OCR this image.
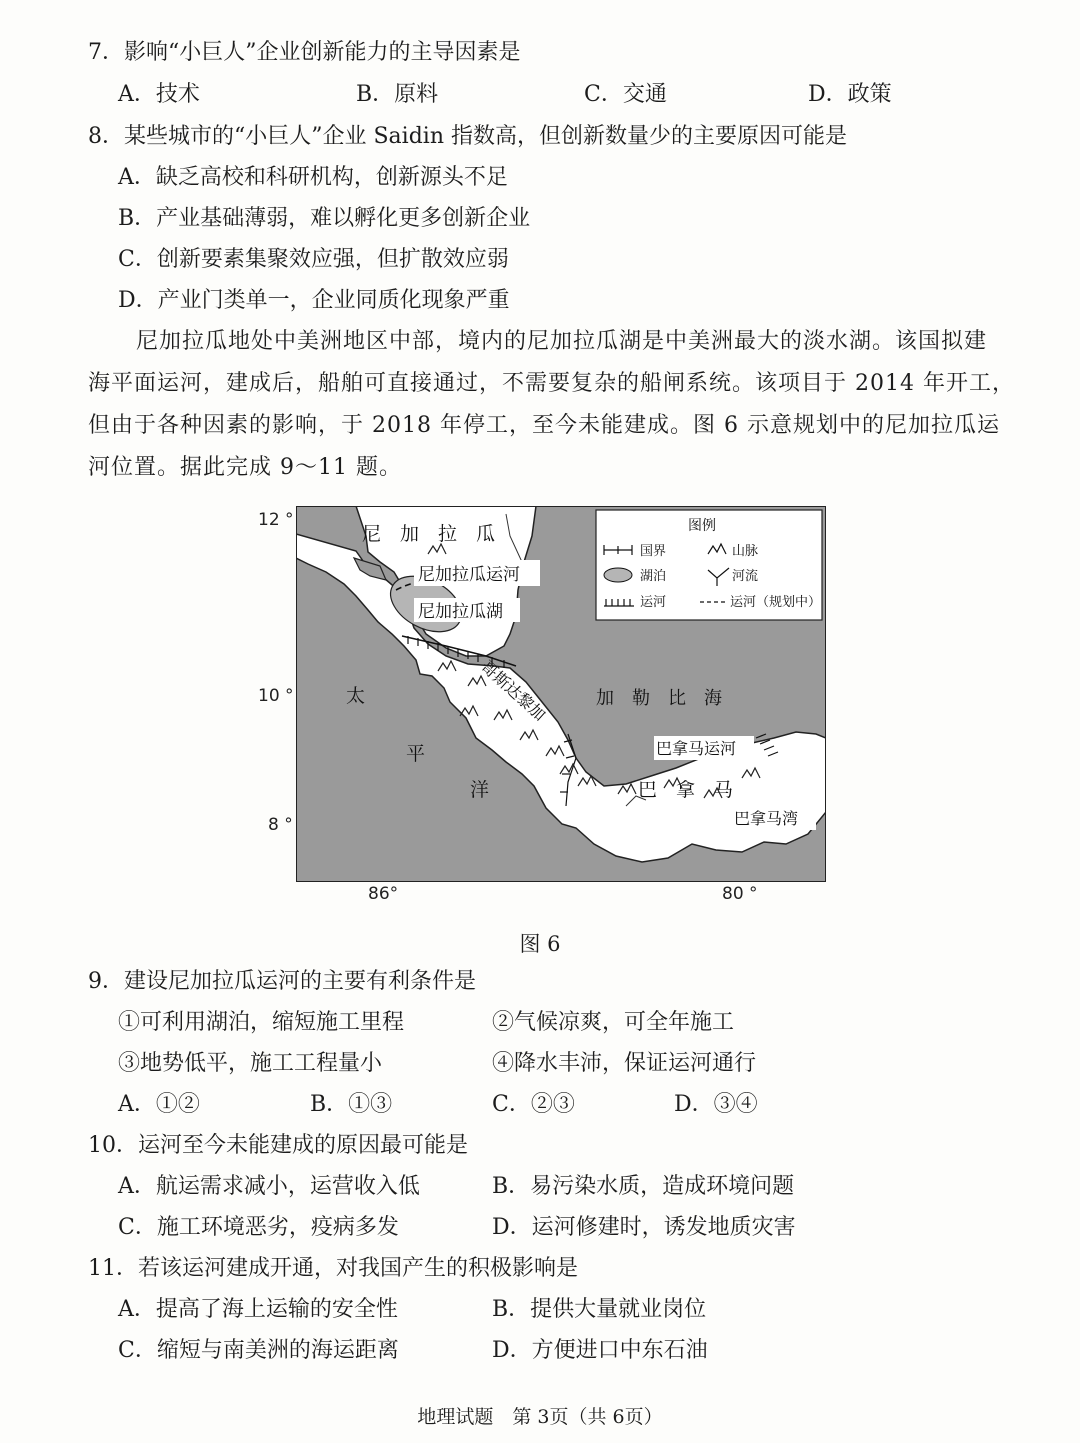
7．影响“小巨人”企业创新能力的主导因素是
A．技术	B．原料	C．交通	D．政策
8．某些城市的“小巨人”企业 Saidin 指数高，但创新数量少的主要原因可能是
A．缺乏高校和科研机构，创新源头不足
B．产业基础薄弱，难以孵化更多创新企业
C．创新要素集聚效应强，但扩散效应弱
D．产业门类单一，企业同质化现象严重
尼加拉瓜地处中美洲地区中部，境内的尼加拉瓜湖是中美洲最大的淡水湖。该国拟建
海平面运河，建成后，船舶可直接通过，不需要复杂的船闸系统。该项目于 2014 年开工，
但由于各种因素的影响，于 2018 年停工，至今未能建成。图 6 示意规划中的尼加拉瓜运
河位置。据此完成 9～11 题。
12 °
10 °
8 °
86°	80 °
图例
国界	山脉
湖泊	河流
运河	运河（规划中）
尼　加　拉　瓜
尼加拉瓜运河
尼加拉瓜湖
哥斯达黎加	加　勒　比　海
巴拿马运河
巴　拿　马
巴拿马湾
太
平
洋
图 6
9．建设尼加拉瓜运河的主要有利条件是
①可利用湖泊，缩短施工里程	②气候凉爽，可全年施工
③地势低平，施工工程量小	④降水丰沛，保证运河通行
A．①②	B．①③	C．②③	D．③④
10．运河至今未能建成的原因最可能是
A．航运需求减小，运营收入低	B．易污染水质，造成环境问题
C．施工环境恶劣，疫病多发	D．运河修建时，诱发地质灾害
11．若该运河建成开通，对我国产生的积极影响是
A．提高了海上运输的安全性	B．提供大量就业岗位
C．缩短与南美洲的海运距离	D．方便进口中东石油
地理试题　第 3页（共 6页）
